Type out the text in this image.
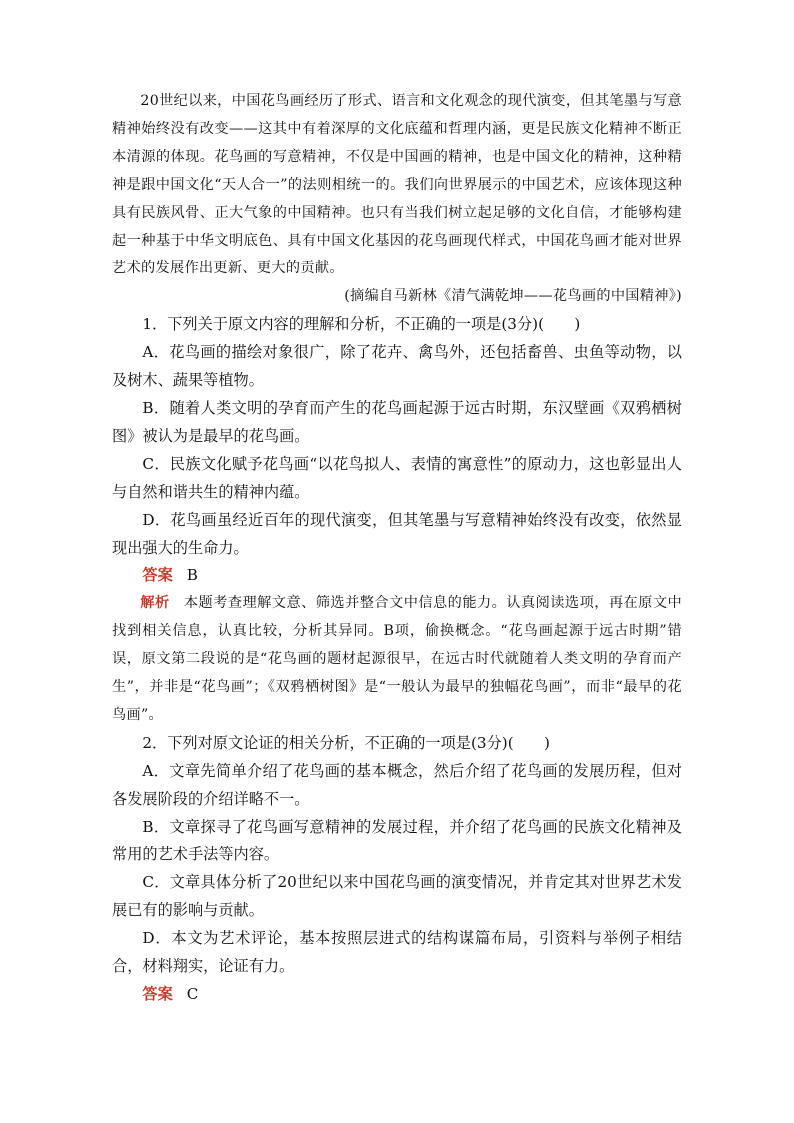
20世纪以来，中国花鸟画经历了形式、语言和文化观念的现代演变，但其笔墨与写意精神始终没有改变——这其中有着深厚的文化底蕴和哲理内涵，更是民族文化精神不断正本清源的体现。花鸟画的写意精神，不仅是中国画的精神，也是中国文化的精神，这种精神是跟中国文化“天人合一”的法则相统一的。我们向世界展示的中国艺术，应该体现这种具有民族风骨、正大气象的中国精神。也只有当我们树立起足够的文化自信，才能够构建起一种基于中华文明底色、具有中国文化基因的花鸟画现代样式，中国花鸟画才能对世界艺术的发展作出更新、更大的贡献。

(摘编自马新林《清气满乾坤——花鸟画的中国精神》)

1．下列关于原文内容的理解和分析，不正确的一项是(3分)(　　)

A．花鸟画的描绘对象很广，除了花卉、禽鸟外，还包括畜兽、虫鱼等动物，以及树木、蔬果等植物。

B．随着人类文明的孕育而产生的花鸟画起源于远古时期，东汉壁画《双鸦栖树图》被认为是最早的花鸟画。

C．民族文化赋予花鸟画“以花鸟拟人、表情的寓意性”的原动力，这也彰显出人与自然和谐共生的精神内蕴。

D．花鸟画虽经近百年的现代演变，但其笔墨与写意精神始终没有改变，依然显现出强大的生命力。

答案 B

解析 本题考查理解文意、筛选并整合文中信息的能力。认真阅读选项，再在原文中找到相关信息，认真比较，分析其异同。B项，偷换概念。“花鸟画起源于远古时期”错误，原文第二段说的是“花鸟画的题材起源很早，在远古时代就随着人类文明的孕育而产生”，并非是“花鸟画”；《双鸦栖树图》是“一般认为最早的独幅花鸟画”，而非“最早的花鸟画”。

2．下列对原文论证的相关分析，不正确的一项是(3分)(　　)

A．文章先简单介绍了花鸟画的基本概念，然后介绍了花鸟画的发展历程，但对各发展阶段的介绍详略不一。

B．文章探寻了花鸟画写意精神的发展过程，并介绍了花鸟画的民族文化精神及常用的艺术手法等内容。

C．文章具体分析了20世纪以来中国花鸟画的演变情况，并肯定其对世界艺术发展已有的影响与贡献。

D．本文为艺术评论，基本按照层进式的结构谋篇布局，引资料与举例子相结合，材料翔实，论证有力。

答案 C
